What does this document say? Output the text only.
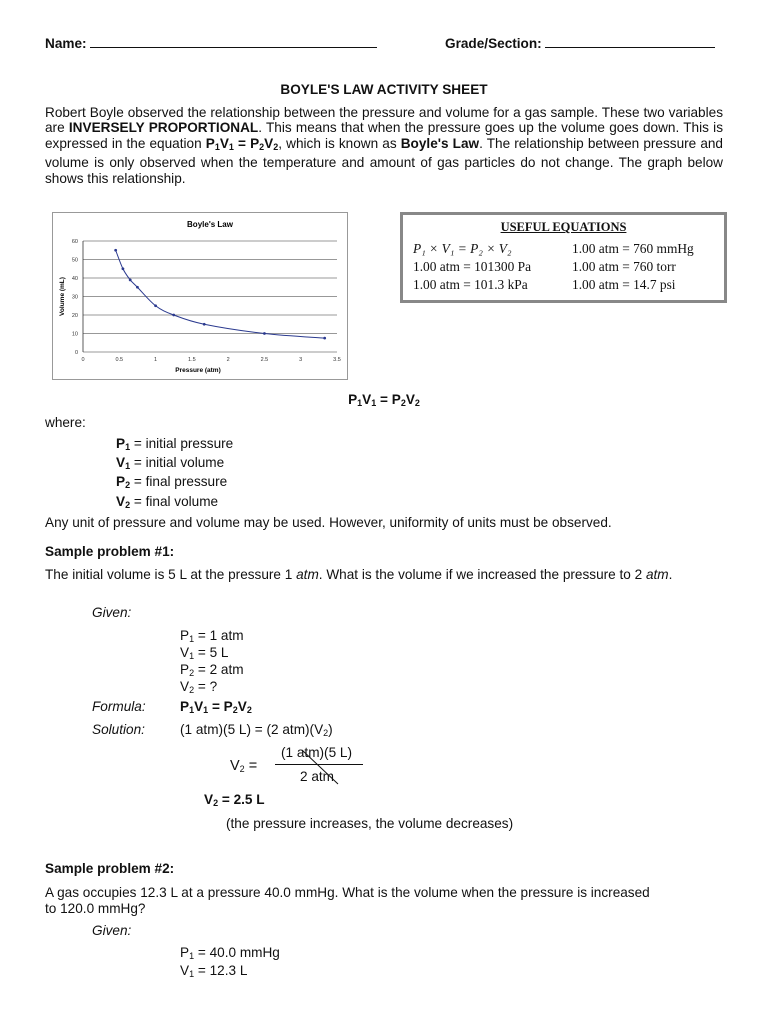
Name:	Grade/Section:
BOYLE'S LAW ACTIVITY SHEET

Robert Boyle observed the relationship between the pressure and volume for a gas sample. These two variables are INVERSELY PROPORTIONAL. This means that when the pressure goes up the volume goes down. This is expressed in the equation $P_1V_1 = P_2V_2$, which is known as Boyle's Law. The relationship between pressure and volume is only observed when the temperature and amount of gas particles do not change. The graph below shows this relationship.

Boyle's Law
0
10
20
30
40
50
60
0	0.5	1	1.5	2	2.5	3	3.5
Pressure (atm)
Volume (mL)
USEFUL EQUATIONS
P₁ × V₁ = P₂ × V₂	1.00 atm = 760 mmHg
1.00 atm = 101300 Pa	1.00 atm = 760 torr
1.00 atm = 101.3 kPa	1.00 atm = 14.7 psi
$P_1V_1 = P_2V_2$
where:
$P_1$ = initial pressure
$V_1$ = initial volume
$P_2$ = final pressure
$V_2$ = final volume
Any unit of pressure and volume may be used. However, uniformity of units must be observed.
Sample problem #1:
The initial volume is 5 L at the pressure 1 atm. What is the volume if we increased the pressure to 2 atm.
Given:
$P_1 = 1$ atm
$V_1 = 5$ L
$P_2 = 2$ atm
$V_2$ = ?
Formula:	$P_1V_1 = P_2V_2$
Solution:	(1 atm)(5 L) = (2 $atm)(V_2)$
$V_2$ =
(1 atm)(5 L)
2 atm
$V_2 = 2.5$ L
(the pressure increases, the volume decreases)
Sample problem #2:
A gas occupies 12.3 L at a pressure 40.0 mmHg. What is the volume when the pressure is increased
to 120.0 mmHg?
Given:
$P_1 = 40.0$ mmHg
$V_1 = 12.3$ L
